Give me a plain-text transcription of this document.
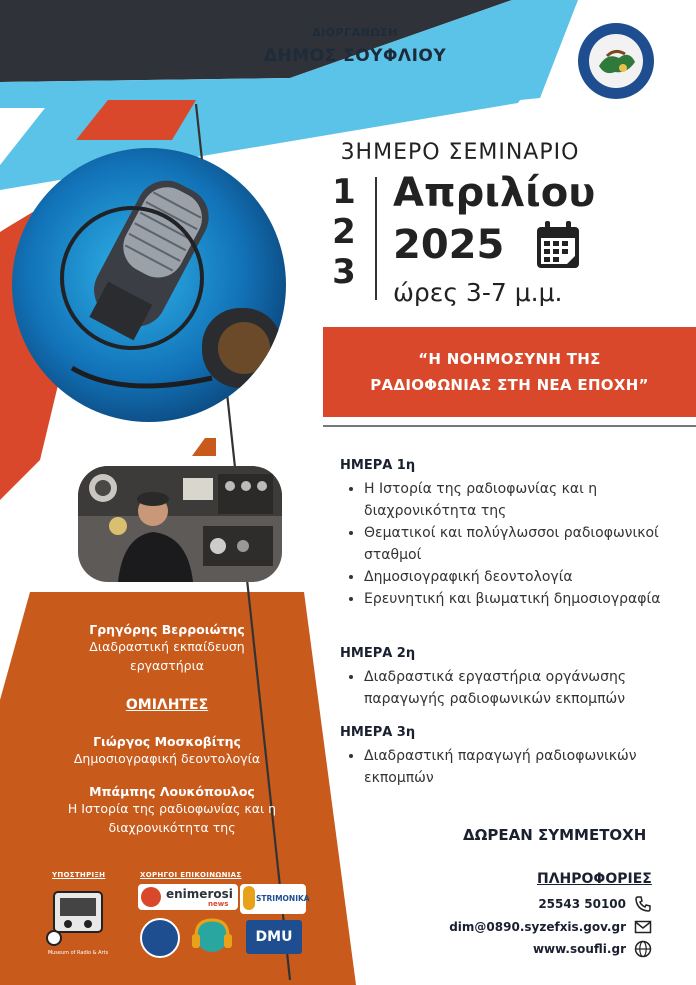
ΔΙΟΡΓΑΝΩΣΗ
ΔΗΜΟΣ ΣΟΥΦΛΙΟΥ
3ΗΜΕΡΟ ΣΕΜΙΝΑΡΙΟ
1
2
3
Απριλίου
2025
ώρες 3-7 μ.μ.
“Η ΝΟΗΜΟΣΥΝΗ ΤΗΣ
ΡΑΔΙΟΦΩΝΙΑΣ ΣΤΗ ΝΕΑ ΕΠΟΧΗ”
ΗΜΕΡΑ 1η
• Η Ιστορία της ραδιοφωνίας και η διαχρονικότητα της
• Θεματικοί και πολύγλωσσοι ραδιοφωνικοί σταθμοί
• Δημοσιογραφική δεοντολογία
• Ερευνητική και βιωματική δημοσιογραφία
ΗΜΕΡΑ 2η
• Διαδραστικά εργαστήρια οργάνωσης παραγωγής ραδιοφωνικών εκπομπών
ΗΜΕΡΑ 3η
• Διαδραστική παραγωγή ραδιοφωνικών εκπομπών
Γρηγόρης Βερροιώτης
Διαδραστική εκπαίδευση εργαστήρια
ΟΜΙΛΗΤΕΣ
Γιώργος Μοσκοβίτης
Δημοσιογραφική δεοντολογία
Μπάμπης Λουκόπουλος
Η Ιστορία της ραδιοφωνίας και η διαχρονικότητα της
ΥΠΟΣΤΗΡΙΞΗ
Museum of Radio & Arts
ΧΟΡΗΓΟΙ ΕΠΙΚΟΙΝΩΝΙΑΣ
enimerosi
news
STRIMONIKA
DMU
ΔΩΡΕΑΝ ΣΥΜΜΕΤΟΧΗ
ΠΛΗΡΟΦΟΡΙΕΣ
25543 50100
dim@0890.syzefxis.gov.gr
www.soufli.gr
